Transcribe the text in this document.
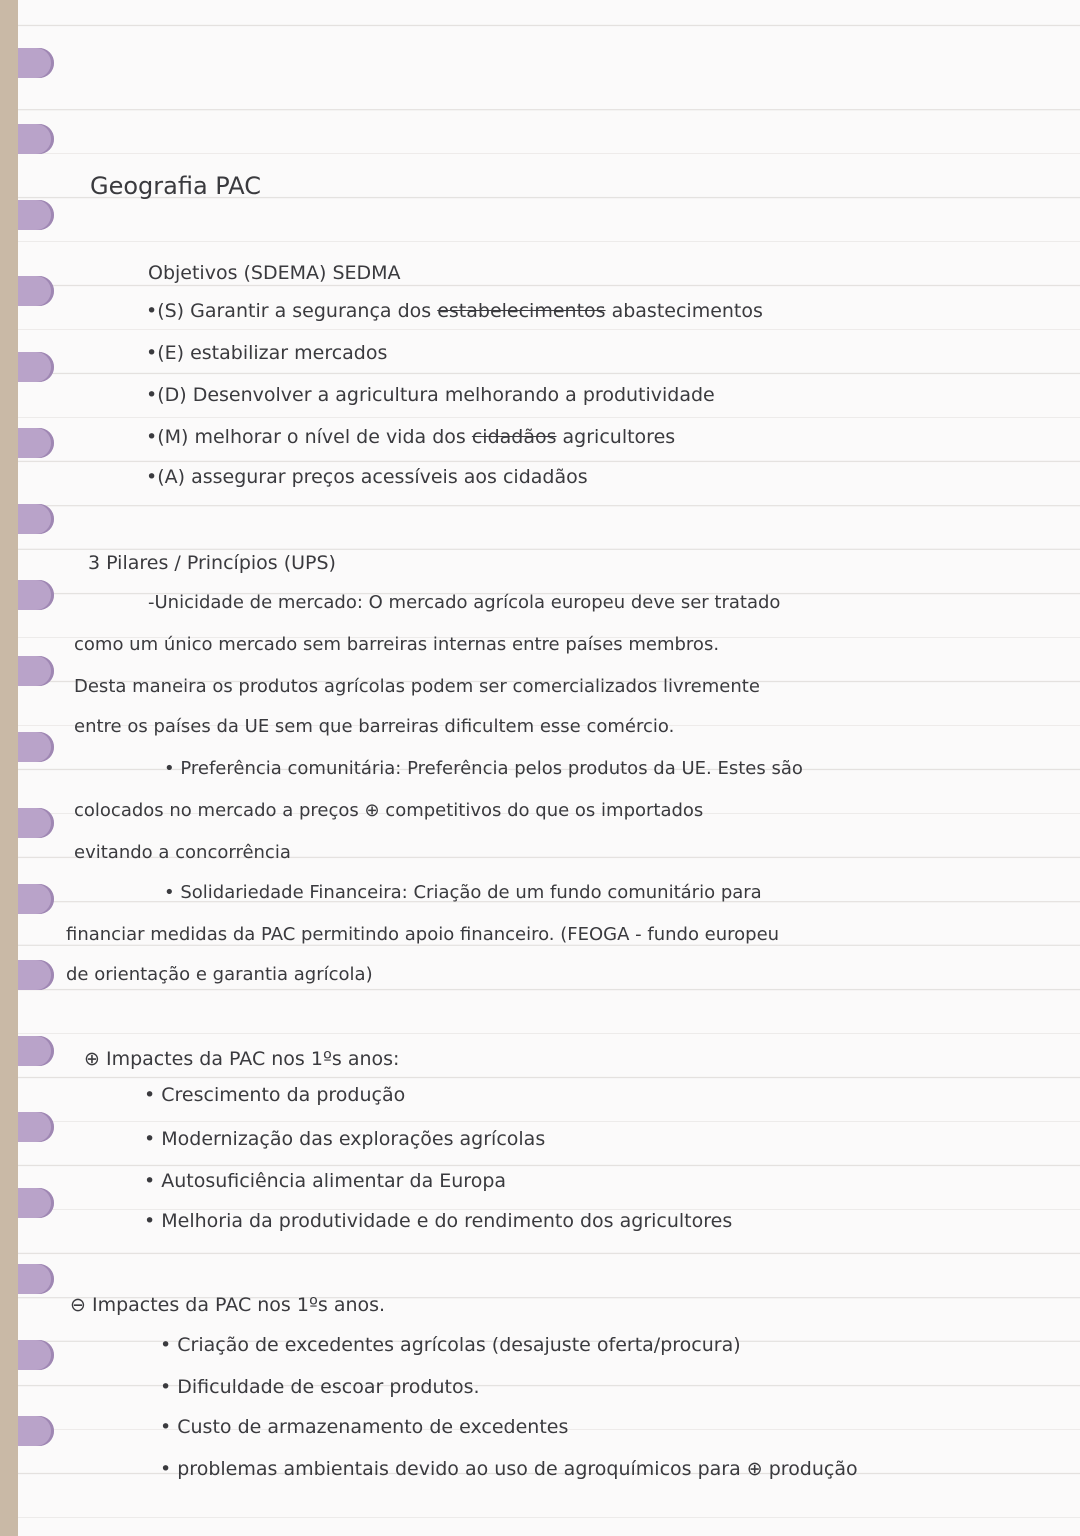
Geografia PAC
Objetivos (SDEMA) SEDMA
•(S) Garantir a segurança dos estabelecimentos abastecimentos
•(E) estabilizar mercados
•(D) Desenvolver a agricultura melhorando a produtividade
•(M) melhorar o nível de vida dos cidadãos agricultores
•(A) assegurar preços acessíveis aos cidadãos
3 Pilares / Princípios (UPS)
-Unicidade de mercado: O mercado agrícola europeu deve ser tratado
como um único mercado sem barreiras internas entre países membros.
Desta maneira os produtos agrícolas podem ser comercializados livremente
entre os países da UE sem que barreiras dificultem esse comércio.
• Preferência comunitária: Preferência pelos produtos da UE. Estes são
colocados no mercado a preços ⊕ competitivos do que os importados
evitando a concorrência
• Solidariedade Financeira: Criação de um fundo comunitário para
financiar medidas da PAC permitindo apoio financeiro. (FEOGA - fundo europeu
de orientação e garantia agrícola)
⊕ Impactes da PAC nos 1ºs anos:
• Crescimento da produção
• Modernização das explorações agrícolas
• Autosuficiência alimentar da Europa
• Melhoria da produtividade e do rendimento dos agricultores
⊖ Impactes da PAC nos 1ºs anos.
• Criação de excedentes agrícolas (desajuste oferta/procura)
• Dificuldade de escoar produtos.
• Custo de armazenamento de excedentes
• problemas ambientais devido ao uso de agroquímicos para ⊕ produção
